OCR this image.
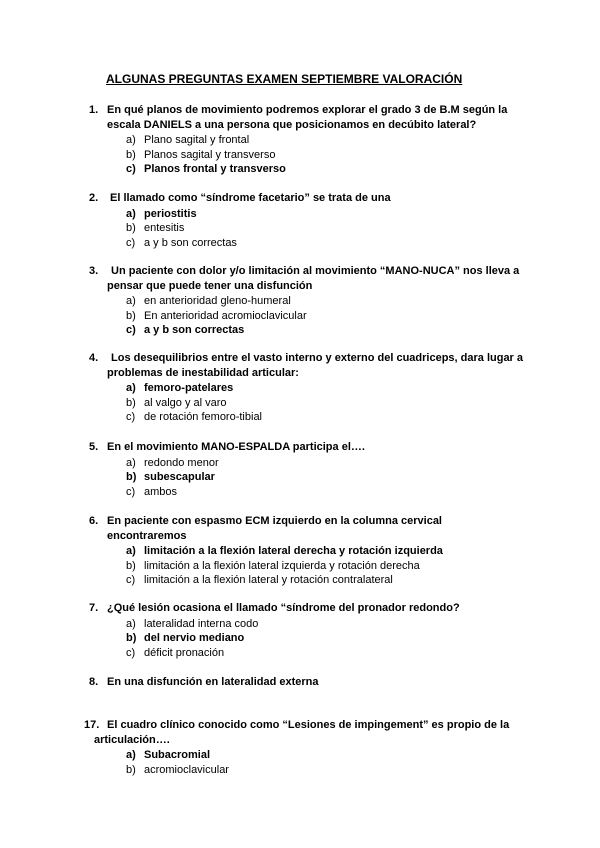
ALGUNAS PREGUNTAS EXAMEN SEPTIEMBRE VALORACIÓN
1. En qué planos de movimiento podremos explorar el grado 3 de B.M según la
escala DANIELS a una persona que posicionamos en decúbito lateral?
a) Plano sagital y frontal
b) Planos sagital y transverso
c) Planos frontal y transverso
2. El llamado como “síndrome facetario” se trata de una
a) periostitis
b) entesitis
c) a y b son correctas
3. Un paciente con dolor y/o limitación al movimiento “MANO-NUCA” nos lleva a
pensar que puede tener una disfunción
a) en anterioridad gleno-humeral
b) En anterioridad acromioclavicular
c) a y b son correctas
4. Los desequilibrios entre el vasto interno y externo del cuadriceps, dara lugar a
problemas de inestabilidad articular:
a) femoro-patelares
b) al valgo y al varo
c) de rotación femoro-tibial
5. En el movimiento MANO-ESPALDA participa el….
a) redondo menor
b) subescapular
c) ambos
6. En paciente con espasmo ECM izquierdo en la columna cervical
encontraremos
a) limitación a la flexión lateral derecha y rotación izquierda
b) limitación a la flexión lateral izquierda y rotación derecha
c) limitación a la flexión lateral y rotación contralateral
7. ¿Qué lesión ocasiona el llamado “síndrome del pronador redondo?
a) lateralidad interna codo
b) del nervio mediano
c) déficit pronación
8. En una disfunción en lateralidad externa
17. El cuadro clínico conocido como “Lesiones de impingement” es propio de la
articulación….
a) Subacromial
b) acromioclavicular
